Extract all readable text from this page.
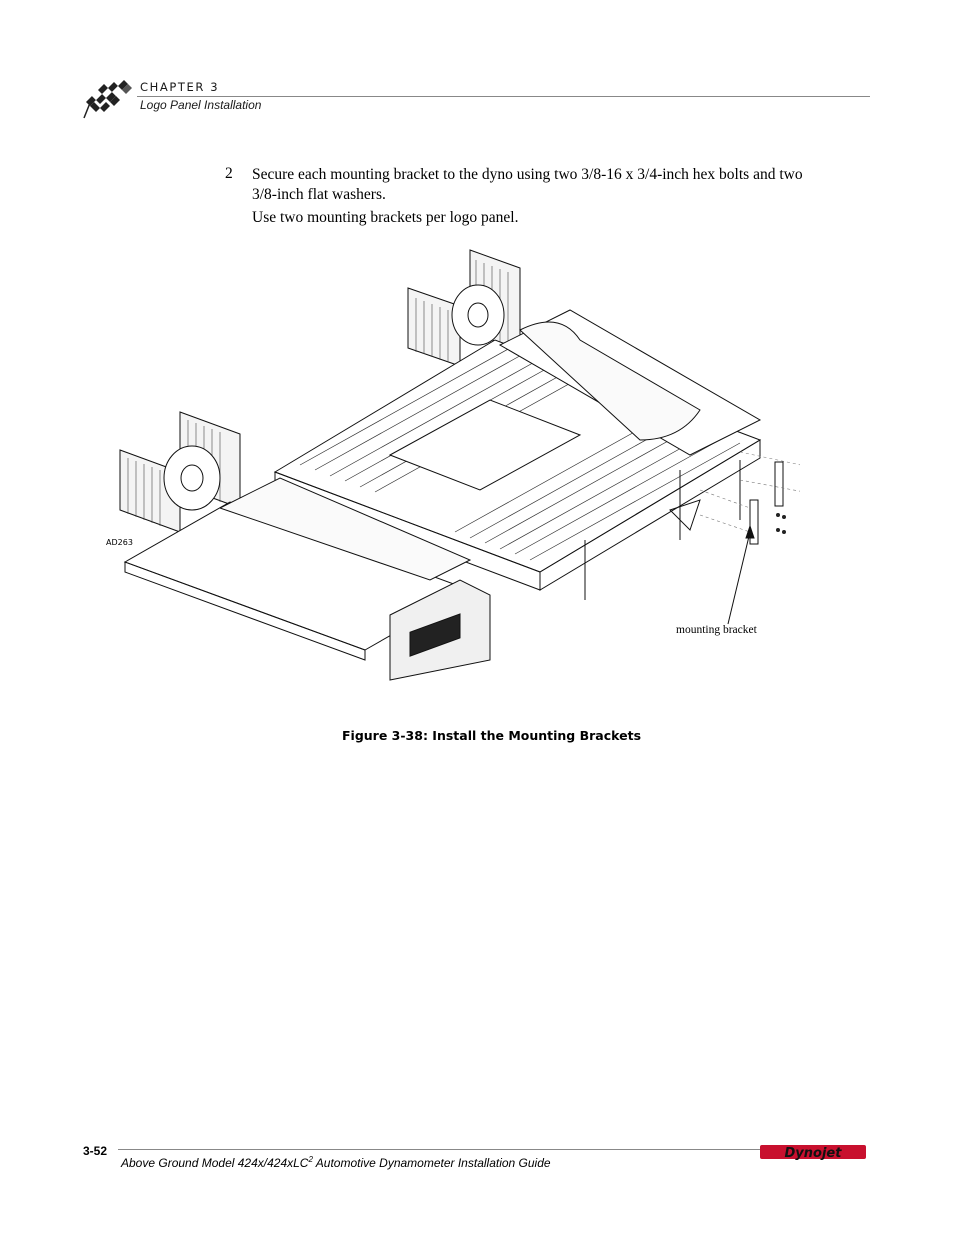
CHAPTER 3
Logo Panel Installation
2 Secure each mounting bracket to the dyno using two 3/8-16 x 3/4-inch hex bolts and two 3/8-inch flat washers.
Use two mounting brackets per logo panel.
AD263
mounting bracket
Figure 3-38: Install the Mounting Brackets
3-52
Above Ground Model 424x/424xLC$^2$ Automotive Dynamometer Installation Guide
Dynojet
